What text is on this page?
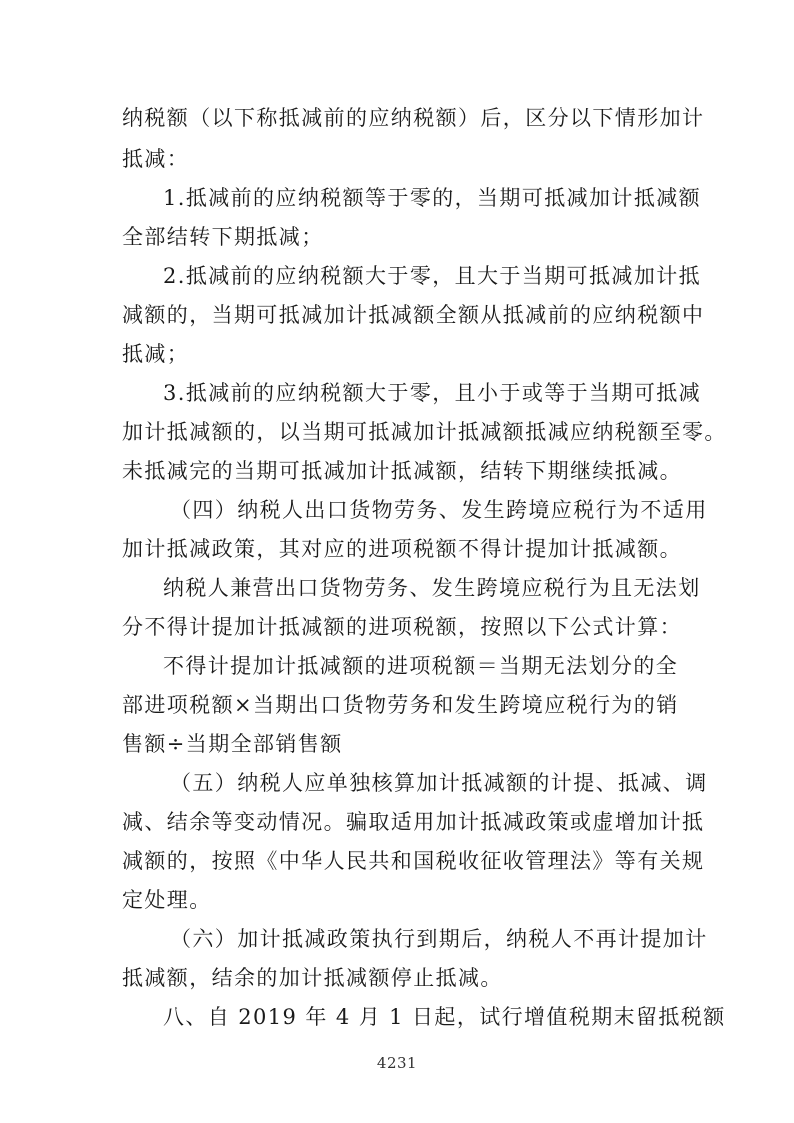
纳税额（以下称抵减前的应纳税额）后，区分以下情形加计
抵减：
1.抵减前的应纳税额等于零的，当期可抵减加计抵减额
全部结转下期抵减；
2.抵减前的应纳税额大于零，且大于当期可抵减加计抵
减额的，当期可抵减加计抵减额全额从抵减前的应纳税额中
抵减；
3.抵减前的应纳税额大于零，且小于或等于当期可抵减
加计抵减额的，以当期可抵减加计抵减额抵减应纳税额至零。
未抵减完的当期可抵减加计抵减额，结转下期继续抵减。
（四）纳税人出口货物劳务、发生跨境应税行为不适用
加计抵减政策，其对应的进项税额不得计提加计抵减额。
纳税人兼营出口货物劳务、发生跨境应税行为且无法划
分不得计提加计抵减额的进项税额，按照以下公式计算：
不得计提加计抵减额的进项税额＝当期无法划分的全
部进项税额×当期出口货物劳务和发生跨境应税行为的销
售额÷当期全部销售额
（五）纳税人应单独核算加计抵减额的计提、抵减、调
减、结余等变动情况。骗取适用加计抵减政策或虚增加计抵
减额的，按照《中华人民共和国税收征收管理法》等有关规
定处理。
（六）加计抵减政策执行到期后，纳税人不再计提加计
抵减额，结余的加计抵减额停止抵减。
八、自 2019 年 4 月 1 日起，试行增值税期末留抵税额
4231
